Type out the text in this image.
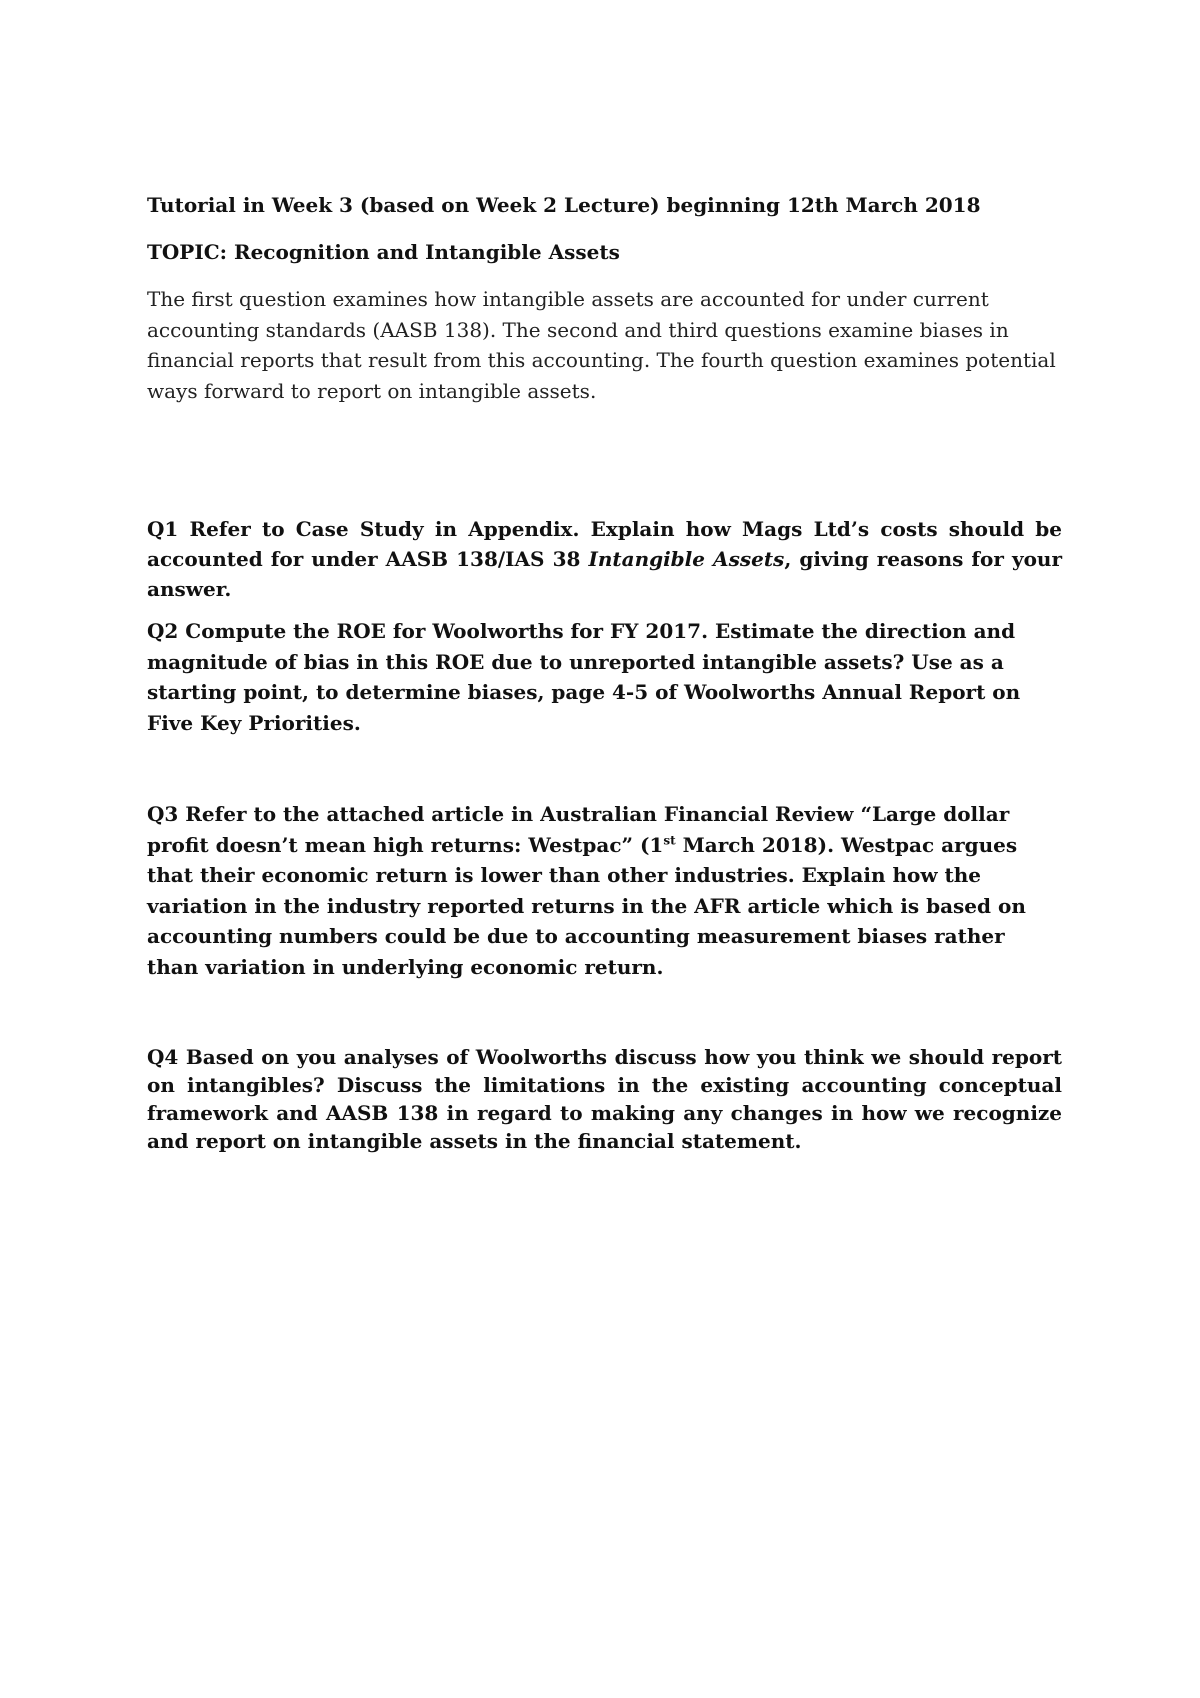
Tutorial in Week 3 (based on Week 2 Lecture) beginning 12th March 2018
TOPIC: Recognition and Intangible Assets
The first question examines how intangible assets are accounted for under current accounting standards (AASB 138). The second and third questions examine biases in financial reports that result from this accounting. The fourth question examines potential ways forward to report on intangible assets.
Q1 Refer to Case Study in Appendix. Explain how Mags Ltd’s costs should be accounted for under AASB 138/IAS 38 Intangible Assets, giving reasons for your answer.
Q2 Compute the ROE for Woolworths for FY 2017. Estimate the direction and magnitude of bias in this ROE due to unreported intangible assets? Use as a starting point, to determine biases, page 4-5 of Woolworths Annual Report on Five Key Priorities.
Q3 Refer to the attached article in Australian Financial Review “Large dollar profit doesn’t mean high returns: Westpac” (1st March 2018). Westpac argues that their economic return is lower than other industries. Explain how the variation in the industry reported returns in the AFR article which is based on accounting numbers could be due to accounting measurement biases rather than variation in underlying economic return.
Q4 Based on you analyses of Woolworths discuss how you think we should report on intangibles? Discuss the limitations in the existing accounting conceptual framework and AASB 138 in regard to making any changes in how we recognize and report on intangible assets in the financial statement.
